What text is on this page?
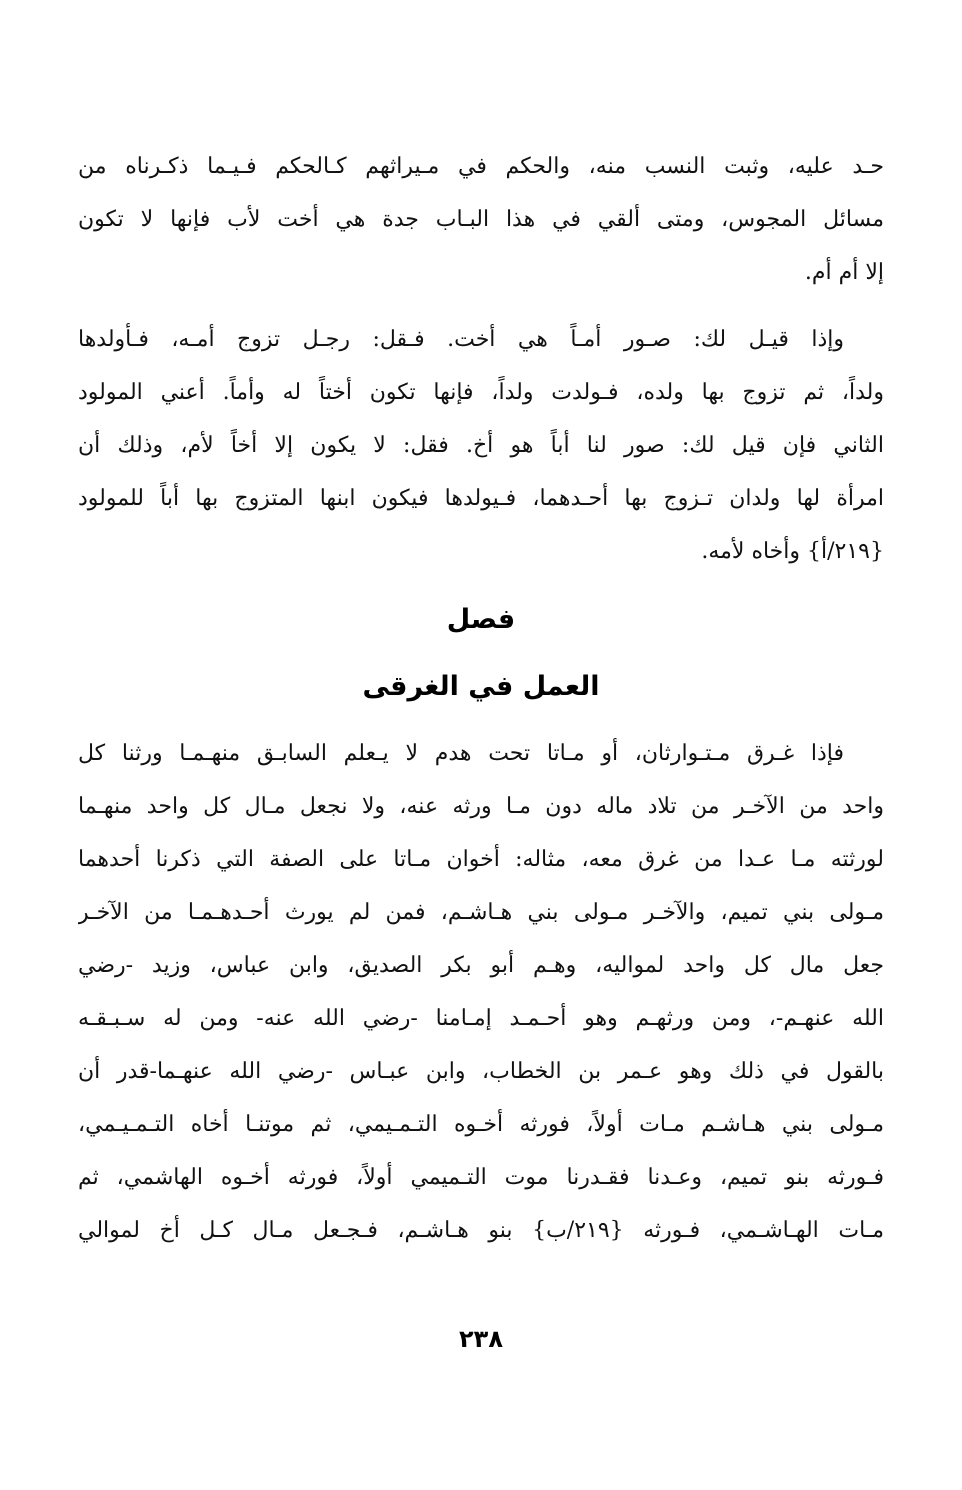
حـد عليه، وثبت النسب منه، والحكم في مـيراثهم كـالحكم فـيـما ذكـرناه من
مسائل المجوس، ومتى ألقي في هذا البـاب جدة هي أخت لأب فإنها لا تكون
إلا أم أم.
وإذا قيـل لك: صـور أمـاً هي أخت. فـقل: رجـل تزوج أمـه، فـأولدها
ولداً، ثم تزوج بها ولده، فـولدت ولداً، فإنها تكون أختاً له وأماً. أعني المولود
الثاني فإن قيل لك: صور لنا أباً هو أخ. فقل: لا يكون إلا أخاً لأم، وذلك أن
امرأة لها ولدان تـزوج بها أحـدهما، فـيولدها فيكون ابنها المتزوج بها أباً للمولود
{٢١٩/أ} وأخاه لأمه.
فصل
العمل في الغرقى
فإذا غـرق مـتـوارثان، أو مـاتا تحت هدم لا يـعلم السابـق منهـمـا ورثنا كل
واحد من الآخـر من تلاد ماله دون مـا ورثه عنه، ولا نجعل مـال كل واحد منهـما
لورثته مـا عـدا من غرق معه، مثاله: أخوان مـاتا على الصفة التي ذكرنا أحدهما
مـولى بني تميم، والآخـر مـولى بني هـاشـم، فمن لم يورث أحـدهـمـا من الآخـر
جعل مال كل واحد لمواليه، وهـم أبو بكر الصديق، وابن عباس، وزيد -رضي
الله عنهـم-، ومن ورثهـم وهو أحـمـد إمـامنا -رضي الله عنه- ومن له سـبـقـه
بالقول في ذلك وهو عـمر بن الخطاب، وابن عبـاس -رضي الله عنهـما-قدر أن
مـولى بني هـاشـم مـات أولاً، فورثه أخـوه التـمـيمي، ثم موتنـا أخاه التـمـيـمي،
فـورثه بنو تميم، وعـدنا فقـدرنا موت التـميمي أولاً، فورثه أخـوه الهاشمي، ثم
مـات الهـاشـمي، فـورثه {٢١٩/ب} بنو هـاشـم، فـجـعل مـال كـل أخ لموالي
٢٣٨
